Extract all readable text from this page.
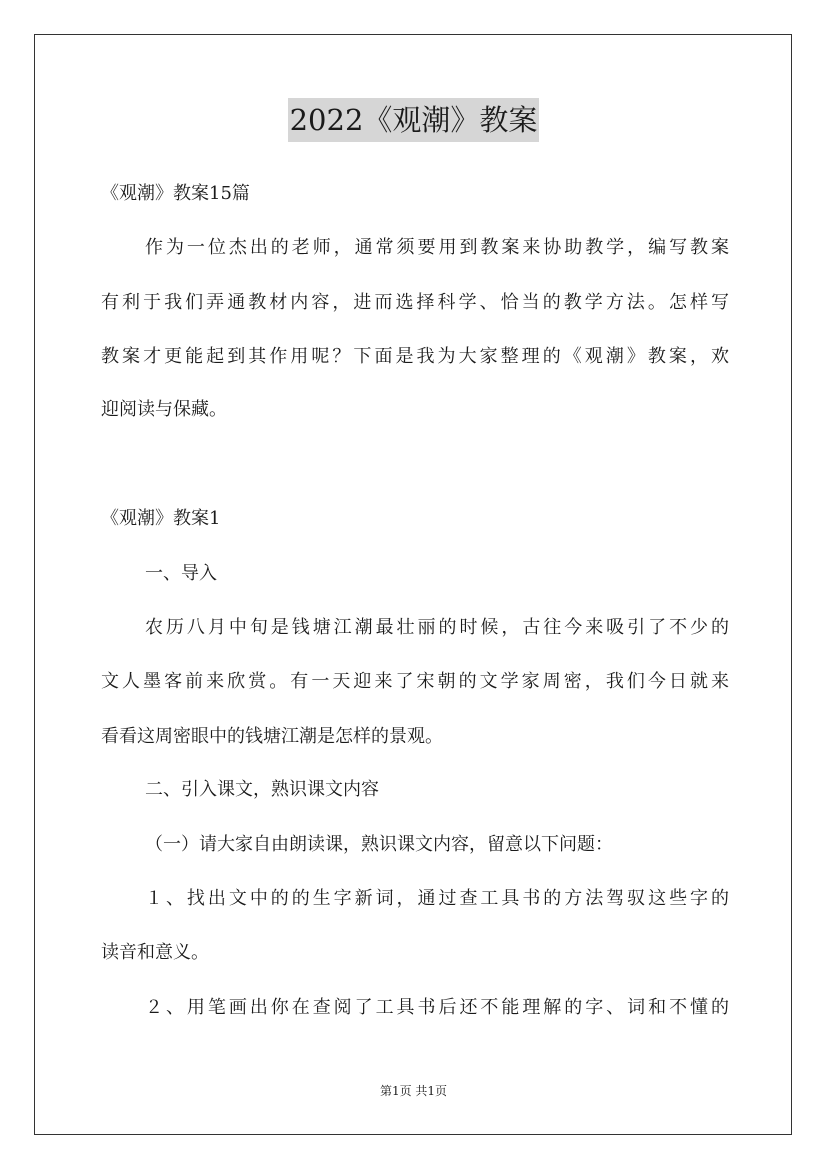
2022《观潮》教案
《观潮》教案15篇
作为一位杰出的老师，通常须要用到教案来协助教学，编写教案
有利于我们弄通教材内容，进而选择科学、恰当的教学方法。怎样写
教案才更能起到其作用呢？下面是我为大家整理的《观潮》教案，欢
迎阅读与保藏。
《观潮》教案1
一、导入
农历八月中旬是钱塘江潮最壮丽的时候，古往今来吸引了不少的
文人墨客前来欣赏。有一天迎来了宋朝的文学家周密，我们今日就来
看看这周密眼中的钱塘江潮是怎样的景观。
二、引入课文，熟识课文内容
（一）请大家自由朗读课，熟识课文内容，留意以下问题：
１、找出文中的的生字新词，通过查工具书的方法驾驭这些字的
读音和意义。
２、用笔画出你在查阅了工具书后还不能理解的字、词和不懂的
第1页 共1页
